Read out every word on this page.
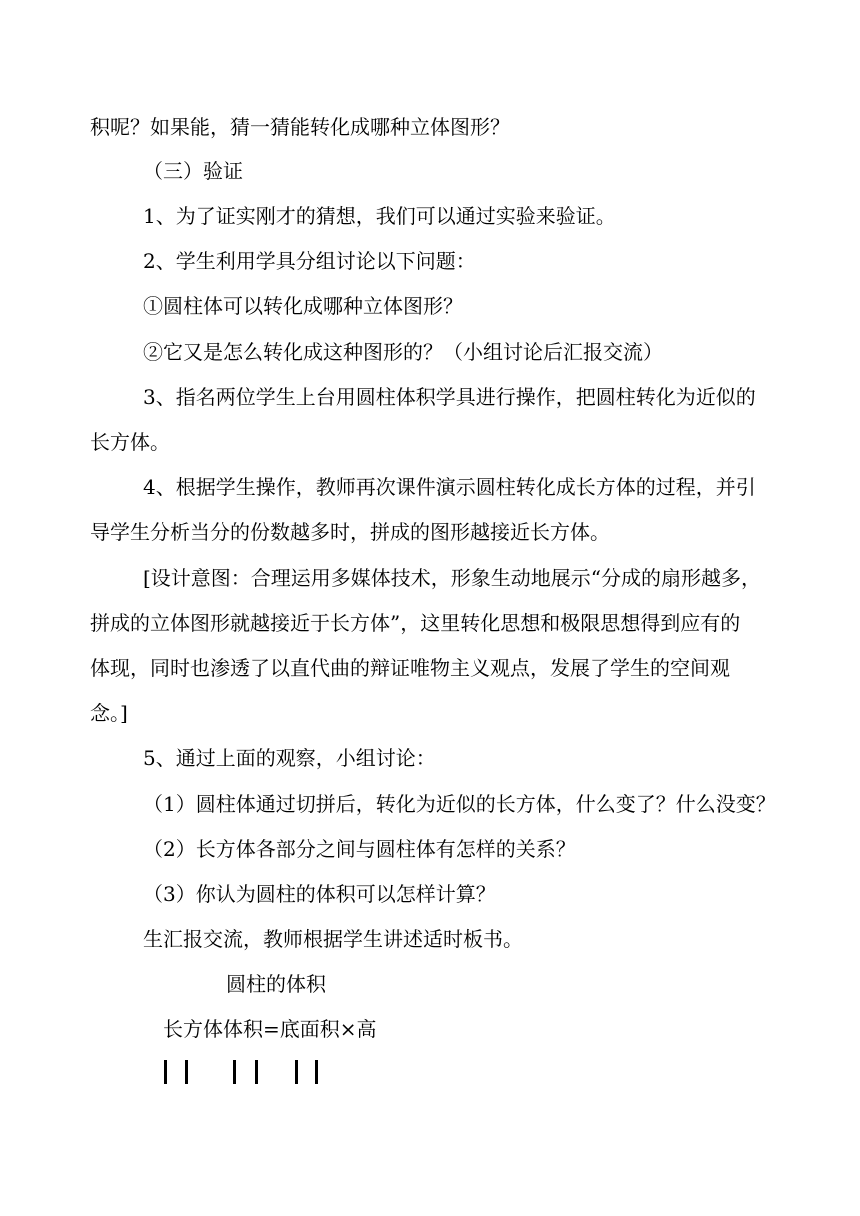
积呢？如果能，猜一猜能转化成哪种立体图形？
（三）验证
1、为了证实刚才的猜想，我们可以通过实验来验证。
2、学生利用学具分组讨论以下问题：
①圆柱体可以转化成哪种立体图形？
②它又是怎么转化成这种图形的？（小组讨论后汇报交流）
3、指名两位学生上台用圆柱体积学具进行操作，把圆柱转化为近似的
长方体。
4、根据学生操作，教师再次课件演示圆柱转化成长方体的过程，并引
导学生分析当分的份数越多时，拼成的图形越接近长方体。
[设计意图：合理运用多媒体技术，形象生动地展示“分成的扇形越多，
拼成的立体图形就越接近于长方体”，这里转化思想和极限思想得到应有的
体现，同时也渗透了以直代曲的辩证唯物主义观点，发展了学生的空间观
念。]
5、通过上面的观察，小组讨论：
（1）圆柱体通过切拼后，转化为近似的长方体，什么变了？什么没变？
（2）长方体各部分之间与圆柱体有怎样的关系？
（3）你认为圆柱的体积可以怎样计算？
生汇报交流，教师根据学生讲述适时板书。
圆柱的体积
长方体体积=底面积×高
